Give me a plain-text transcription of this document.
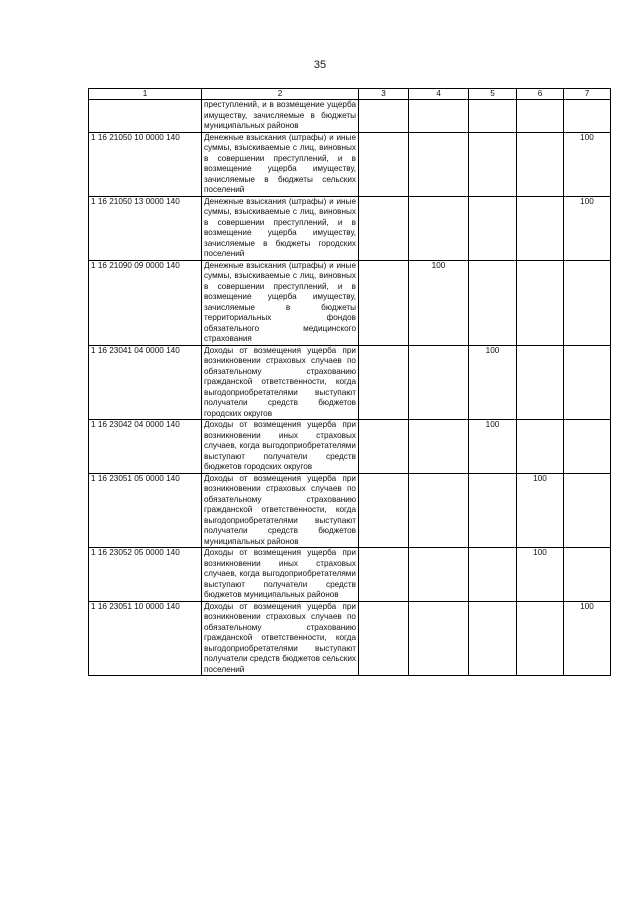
35
1	2	3	4	5	6	7
	преступлений, и в возмещение ущерба имуществу, зачисляемые в бюджеты муниципальных районов	

1 16 21050 10 0000 140	Денежные взыскания (штрафы) и иные суммы, взыскиваемые с лиц, виновных в совершении преступлений, и в возмещение ущерба имуществу, зачисляемые в бюджеты сельских поселений					100

1 16 21050 13 0000 140	Денежные взыскания (штрафы) и иные суммы, взыскиваемые с лиц, виновных в совершении преступлений, и в возмещение ущерба имуществу, зачисляемые в бюджеты городских поселений					100

1 16 21090 09 0000 140	Денежные взыскания (штрафы) и иные суммы, взыскиваемые с лиц, виновных в совершении преступлений, и в возмещение ущерба имуществу, зачисляемые в бюджеты территориальных фондов обязательного медицинского страхования		100			

1 16 23041 04 0000 140	Доходы от возмещения ущерба при возникновении страховых случаев по обязательному страхованию гражданской ответственности, когда выгодоприобретателями выступают получатели средств бюджетов городских округов			100		

1 16 23042 04 0000 140	Доходы от возмещения ущерба при возникновении иных страховых случаев, когда выгодоприобретателями выступают получатели средств бюджетов городских округов			100		

1 16 23051 05 0000 140	Доходы от возмещения ущерба при возникновении страховых случаев по обязательному страхованию гражданской ответственности, когда выгодоприобретателями выступают получатели средств бюджетов муниципальных районов				100	

1 16 23052 05 0000 140	Доходы от возмещения ущерба при возникновении иных страховых случаев, когда выгодоприобретателями выступают получатели средств бюджетов муниципальных районов				100	

1 16 23051 10 0000 140	Доходы от возмещения ущерба при возникновении страховых случаев по обязательному страхованию гражданской ответственности, когда выгодоприобретателями выступают получатели средств бюджетов сельских поселений					100
